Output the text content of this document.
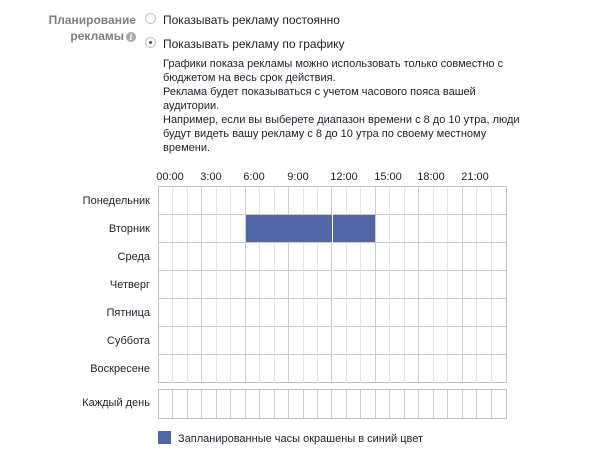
Планирование
рекламы i
Показывать рекламу постоянно
Показывать рекламу по графику

Графики показа рекламы можно использовать только совместно с бюджетом на весь срок действия.

Реклама будет показываться с учетом часового пояса вашей аудитории.

Например, если вы выберете диапазон времени с 8 до 10 утра, люди будут видеть вашу рекламу с 8 до 10 утра по своему местному времени.

00:00 3:00 6:00 9:00 12:00 15:00 18:00 21:00
Понедельник
Вторник
Среда
Четверг
Пятница
Суббота
Воскресене
Каждый день
Запланированные часы окрашены в синий цвет
